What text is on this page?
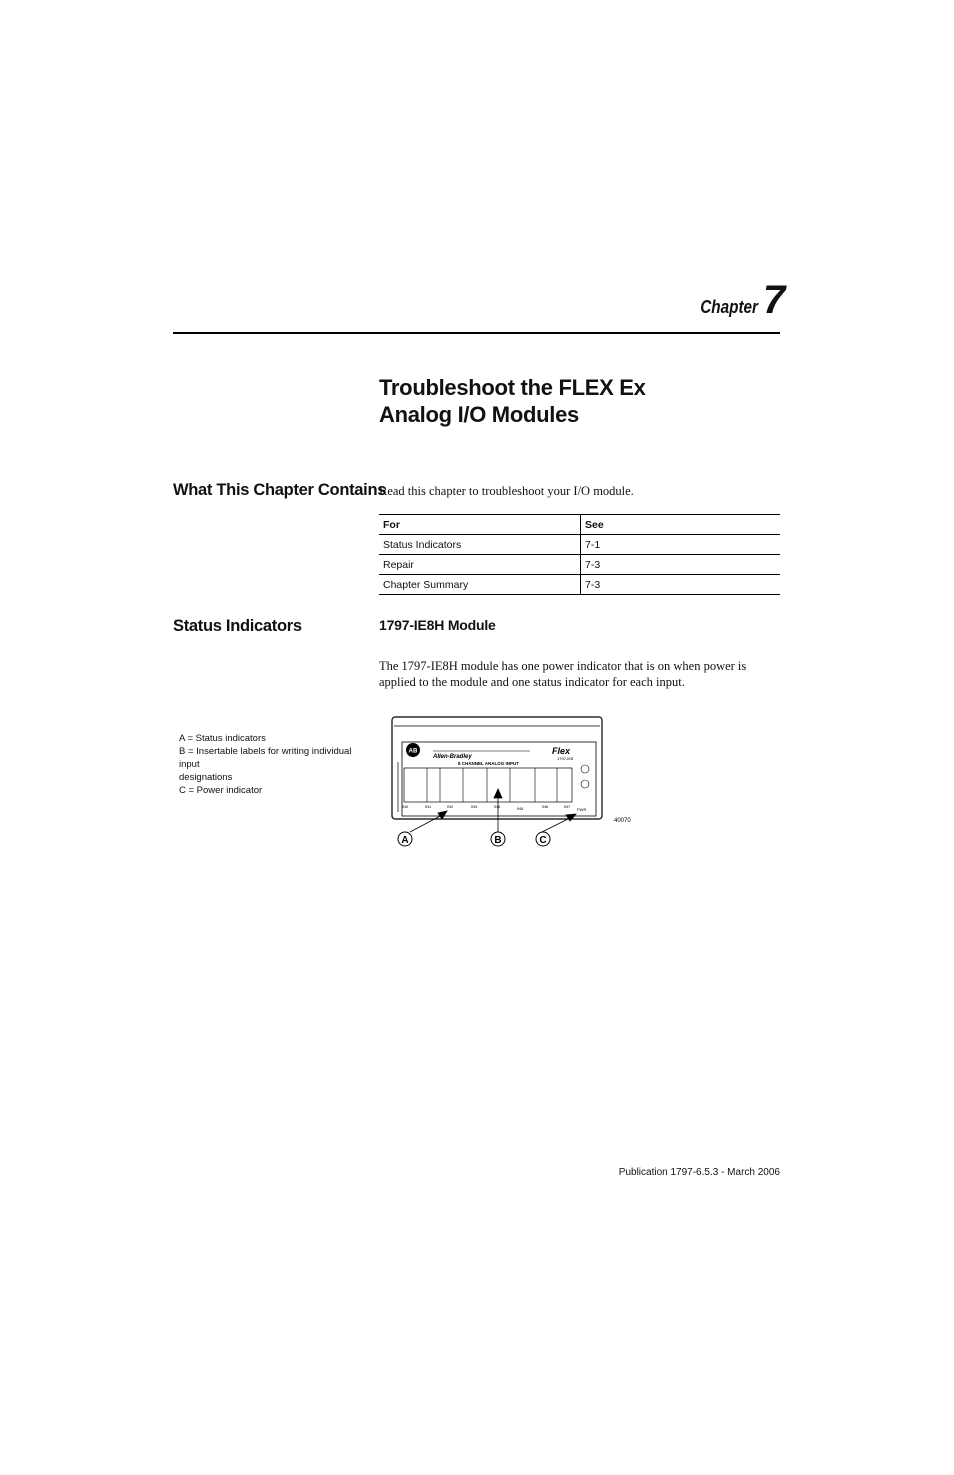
Chapter 7
Troubleshoot the FLEX Ex
Analog I/O Modules
What This Chapter Contains
Read this chapter to troubleshoot your I/O module.
For	See
Status Indicators	7-1
Repair	7-3
Chapter Summary	7-3
Status Indicators	1797-IE8H Module
The 1797-IE8H module has one power indicator that is on when power is
applied to the module and one status indicator for each input.
A = Status indicators
B = Insertable labels for writing individual input
designations
C = Power indicator
AB
Allen-Bradley
Flex
1797-IE8
8 CHANNEL ANALOG INPUT
IN0	IN1	IN2	IN3	IN4	IN5	IN6	IN7
PWR
A	B	C
40070
Publication 1797-6.5.3 - March 2006
